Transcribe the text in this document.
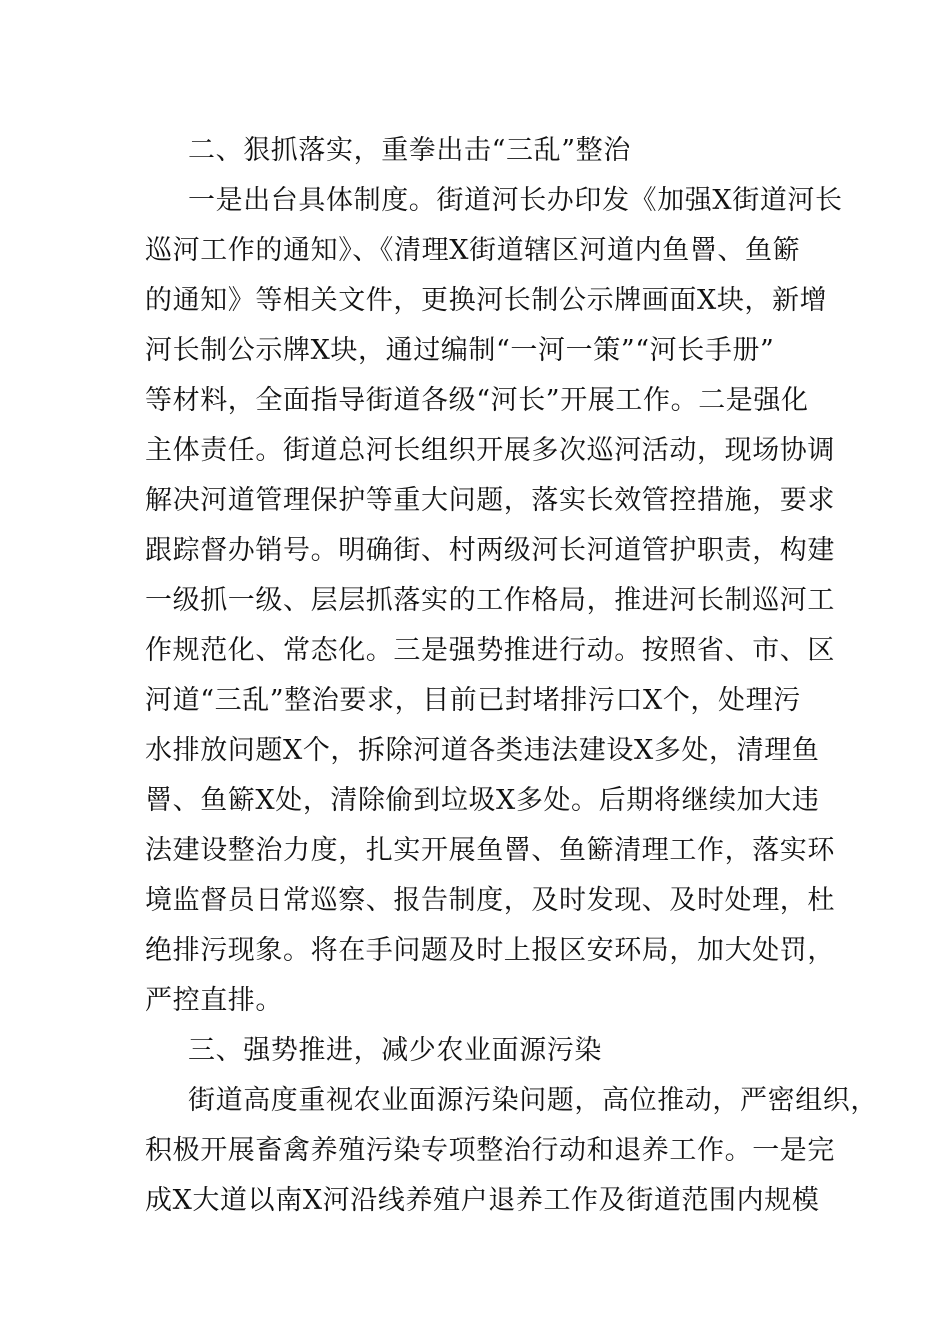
二、狠抓落实，重拳出击“三乱”整治
一是出台具体制度。街道河长办印发《加强X街道河长
巡河工作的通知》、《清理X街道辖区河道内鱼罾、鱼簖
的通知》等相关文件，更换河长制公示牌画面X块，新增
河长制公示牌X块，通过编制“一河一策”“河长手册”
等材料，全面指导街道各级“河长”开展工作。二是强化
主体责任。街道总河长组织开展多次巡河活动，现场协调
解决河道管理保护等重大问题，落实长效管控措施，要求
跟踪督办销号。明确街、村两级河长河道管护职责，构建
一级抓一级、层层抓落实的工作格局，推进河长制巡河工
作规范化、常态化。三是强势推进行动。按照省、市、区
河道“三乱”整治要求，目前已封堵排污口X个，处理污
水排放问题X个，拆除河道各类违法建设X多处，清理鱼
罾、鱼簖X处，清除偷到垃圾X多处。后期将继续加大违
法建设整治力度，扎实开展鱼罾、鱼簖清理工作，落实环
境监督员日常巡察、报告制度，及时发现、及时处理，杜
绝排污现象。将在手问题及时上报区安环局，加大处罚，
严控直排。
三、强势推进，减少农业面源污染
街道高度重视农业面源污染问题，高位推动，严密组织，
积极开展畜禽养殖污染专项整治行动和退养工作。一是完
成X大道以南X河沿线养殖户退养工作及街道范围内规模
